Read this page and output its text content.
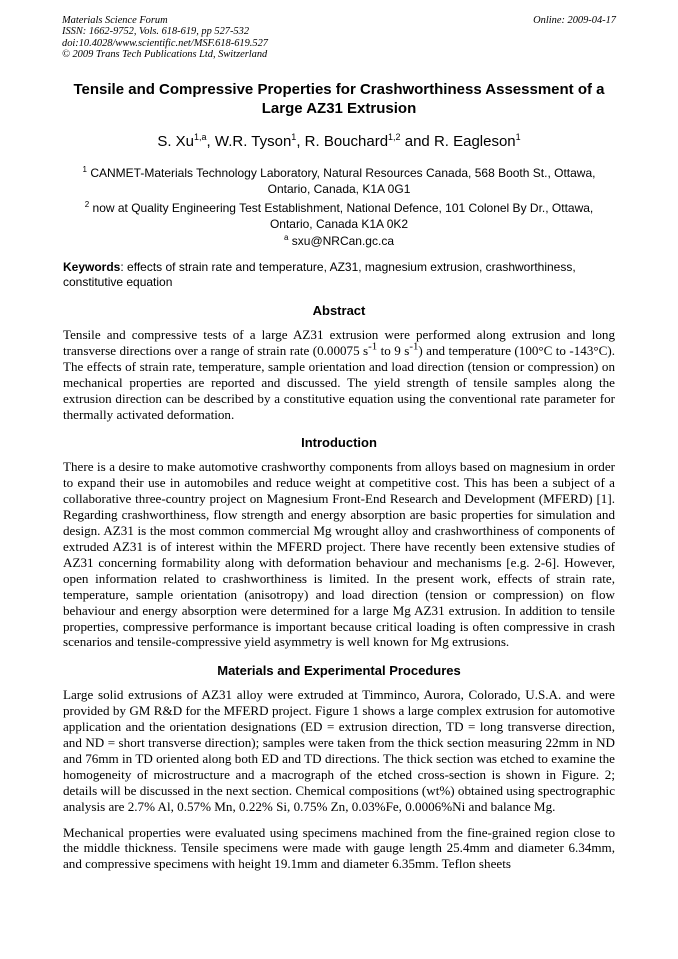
Materials Science Forum
ISSN: 1662-9752, Vols. 618-619, pp 527-532
doi:10.4028/www.scientific.net/MSF.618-619.527
© 2009 Trans Tech Publications Ltd, Switzerland
Online: 2009-04-17
Tensile and Compressive Properties for Crashworthiness Assessment of a Large AZ31 Extrusion
S. Xu$^{1,a}$, W.R. Tyson$^1$, R. Bouchard$^{1,2}$ and R. Eagleson$^1$
$^1$ CANMET-Materials Technology Laboratory, Natural Resources Canada, 568 Booth St., Ottawa, Ontario, Canada, K1A 0G1
$^2$ now at Quality Engineering Test Establishment, National Defence, 101 Colonel By Dr., Ottawa, Ontario, Canada K1A 0K2
$^a$ sxu@NRCan.gc.ca
Keywords: effects of strain rate and temperature, AZ31, magnesium extrusion, crashworthiness, constitutive equation
Abstract

Tensile and compressive tests of a large AZ31 extrusion were performed along extrusion and long transverse directions over a range of strain rate (0.00075 $s^{-1}$ to 9 $s^{-1}$) and temperature (100°C to -143°C). The effects of strain rate, temperature, sample orientation and load direction (tension or compression) on mechanical properties are reported and discussed. The yield strength of tensile samples along the extrusion direction can be described by a constitutive equation using the conventional rate parameter for thermally activated deformation.

Introduction

There is a desire to make automotive crashworthy components from alloys based on magnesium in order to expand their use in automobiles and reduce weight at competitive cost. This has been a subject of a collaborative three-country project on Magnesium Front-End Research and Development (MFERD) [1]. Regarding crashworthiness, flow strength and energy absorption are basic properties for simulation and design. AZ31 is the most common commercial Mg wrought alloy and crashworthiness of components of extruded AZ31 is of interest within the MFERD project. There have recently been extensive studies of AZ31 concerning formability along with deformation behaviour and mechanisms [e.g. 2-6]. However, open information related to crashworthiness is limited. In the present work, effects of strain rate, temperature, sample orientation (anisotropy) and load direction (tension or compression) on flow behaviour and energy absorption were determined for a large Mg AZ31 extrusion. In addition to tensile properties, compressive performance is important because critical loading is often compressive in crash scenarios and tensile-compressive yield asymmetry is well known for Mg extrusions.

Materials and Experimental Procedures

Large solid extrusions of AZ31 alloy were extruded at Timminco, Aurora, Colorado, U.S.A. and were provided by GM R&D for the MFERD project. Figure 1 shows a large complex extrusion for automotive application and the orientation designations (ED = extrusion direction, TD = long transverse direction, and ND = short transverse direction); samples were taken from the thick section measuring 22mm in ND and 76mm in TD oriented along both ED and TD directions. The thick section was etched to examine the homogeneity of microstructure and a macrograph of the etched cross-section is shown in Figure. 2; details will be discussed in the next section. Chemical compositions (wt%) obtained using spectrographic analysis are 2.7% Al, 0.57% Mn, 0.22% Si, 0.75% Zn, 0.03%Fe, 0.0006%Ni and balance Mg.

Mechanical properties were evaluated using specimens machined from the fine-grained region close to the middle thickness. Tensile specimens were made with gauge length 25.4mm and diameter 6.34mm, and compressive specimens with height 19.1mm and diameter 6.35mm. Teflon sheets
